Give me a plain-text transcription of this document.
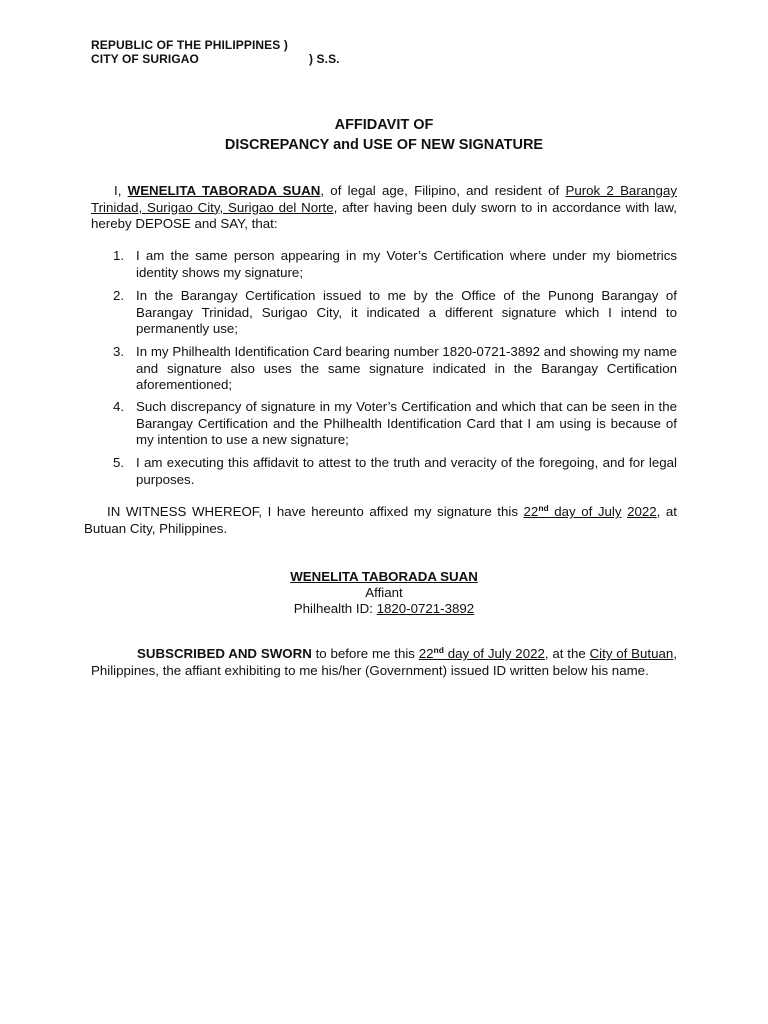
REPUBLIC OF THE PHILIPPINES )
CITY OF SURIGAO	) S.S.
AFFIDAVIT OF
DISCREPANCY and USE OF NEW SIGNATURE
I, WENELITA TABORADA SUAN, of legal age, Filipino, and resident of Purok 2 Barangay Trinidad, Surigao City, Surigao del Norte, after having been duly sworn to in accordance with law, hereby DEPOSE and SAY, that:
1. I am the same person appearing in my Voter’s Certification where under my biometrics identity shows my signature;
2. In the Barangay Certification issued to me by the Office of the Punong Barangay of Barangay Trinidad, Surigao City, it indicated a different signature which I intend to permanently use;
3. In my Philhealth Identification Card bearing number 1820-0721-3892 and showing my name and signature also uses the same signature indicated in the Barangay Certification aforementioned;
4. Such discrepancy of signature in my Voter’s Certification and which that can be seen in the Barangay Certification and the Philhealth Identification Card that I am using is because of my intention to use a new signature;
5. I am executing this affidavit to attest to the truth and veracity of the foregoing, and for legal purposes.
IN WITNESS WHEREOF, I have hereunto affixed my signature this 22nd day of July 2022, at Butuan City, Philippines.
WENELITA TABORADA SUAN
Affiant
Philhealth ID: 1820-0721-3892
SUBSCRIBED AND SWORN to before me this 22nd day of July 2022, at the City of Butuan, Philippines, the affiant exhibiting to me his/her (Government) issued ID written below his name.
